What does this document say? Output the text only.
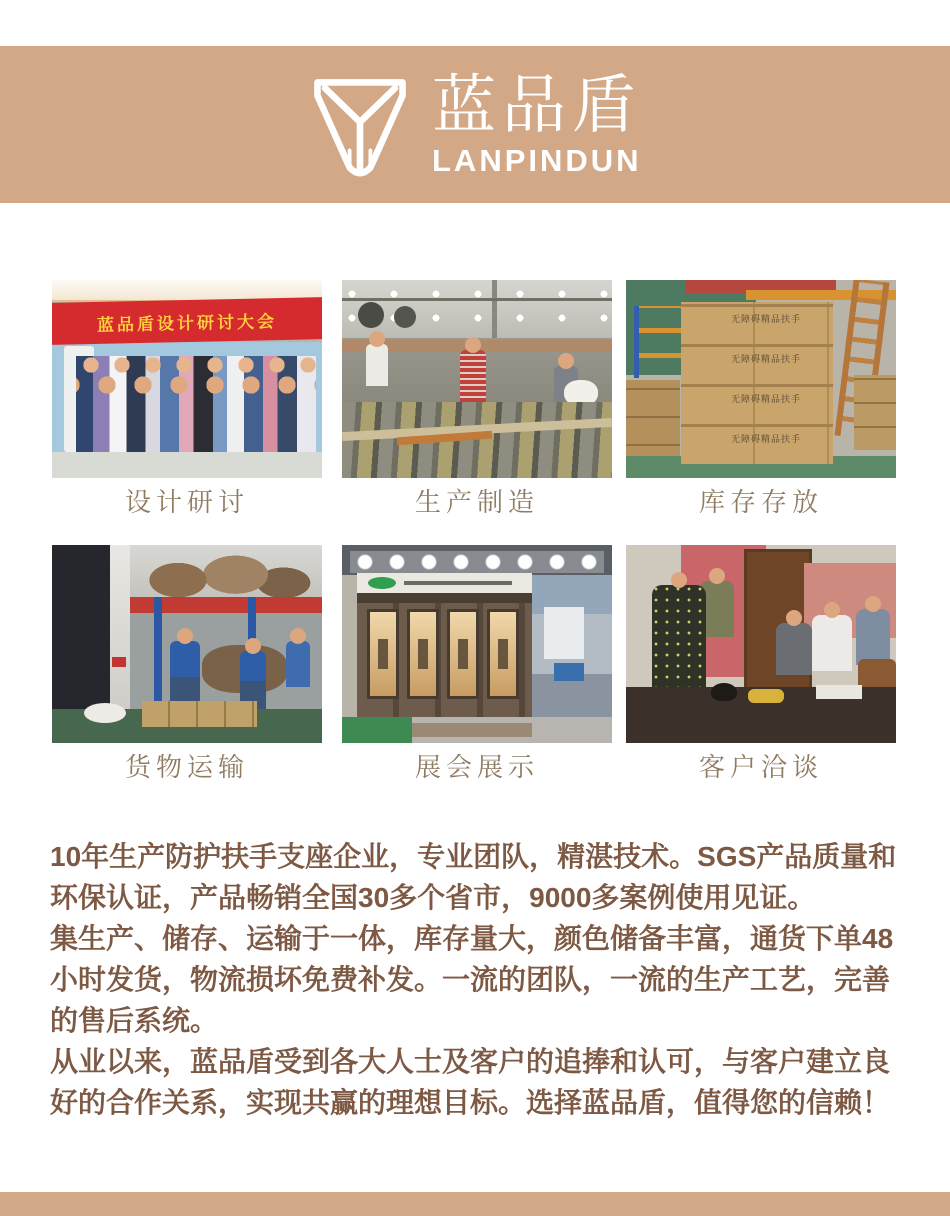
蓝品盾
LANPINDUN
蓝品盾设计研讨大会
设计研讨	生产制造
无障碍精品扶手
无障碍精品扶手
无障碍精品扶手
无障碍精品扶手
库存存放
货物运输	展会展示	客户洽谈
10年生产防护扶手支座企业，专业团队，精湛技术。SGS产品质量和
环保认证，产品畅销全国30多个省市，9000多案例使用见证。
集生产、储存、运输于一体，库存量大，颜色储备丰富，通货下单48
小时发货，物流损坏免费补发。一流的团队，一流的生产工艺，完善
的售后系统。
从业以来，蓝品盾受到各大人士及客户的追捧和认可，与客户建立良
好的合作关系，实现共赢的理想目标。选择蓝品盾，值得您的信赖！
